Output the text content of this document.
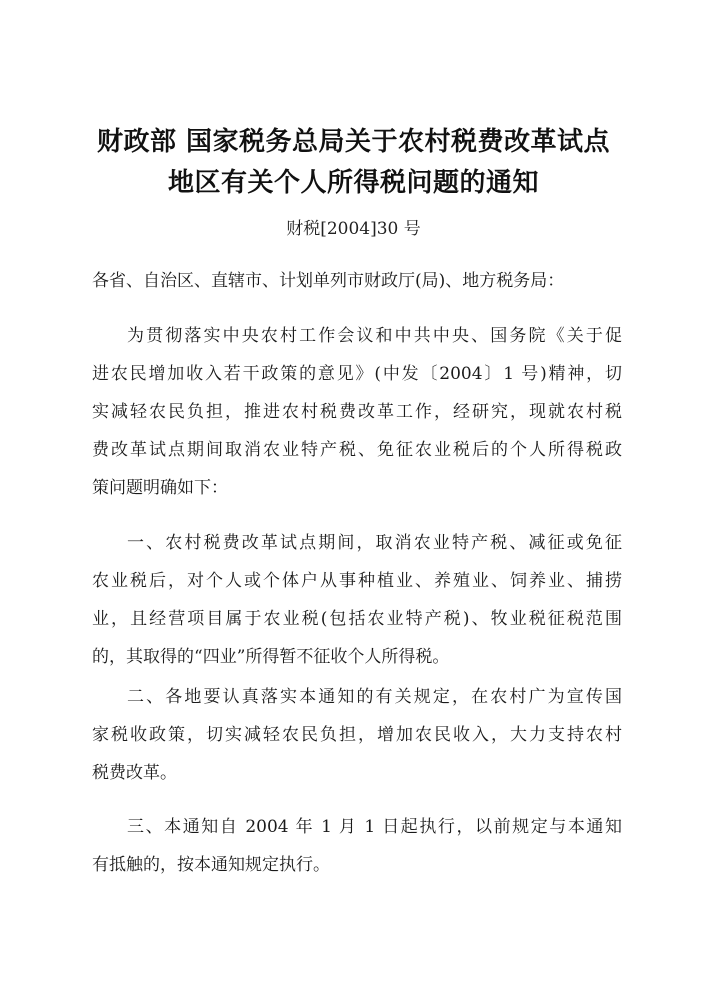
财政部 国家税务总局关于农村税费改革试点
地区有关个人所得税问题的通知
财税[2004]30 号
各省、自治区、直辖市、计划单列市财政厅(局)、地方税务局：
为贯彻落实中央农村工作会议和中共中央、国务院《关于促
进农民增加收入若干政策的意见》(中发〔2004〕1 号)精神，切
实减轻农民负担，推进农村税费改革工作，经研究，现就农村税
费改革试点期间取消农业特产税、免征农业税后的个人所得税政
策问题明确如下：
一、农村税费改革试点期间，取消农业特产税、减征或免征
农业税后，对个人或个体户从事种植业、养殖业、饲养业、捕捞
业，且经营项目属于农业税(包括农业特产税)、牧业税征税范围
的，其取得的“四业”所得暂不征收个人所得税。
二、各地要认真落实本通知的有关规定，在农村广为宣传国
家税收政策，切实减轻农民负担，增加农民收入，大力支持农村
税费改革。
三、本通知自 2004 年 1 月 1 日起执行，以前规定与本通知
有抵触的，按本通知规定执行。
